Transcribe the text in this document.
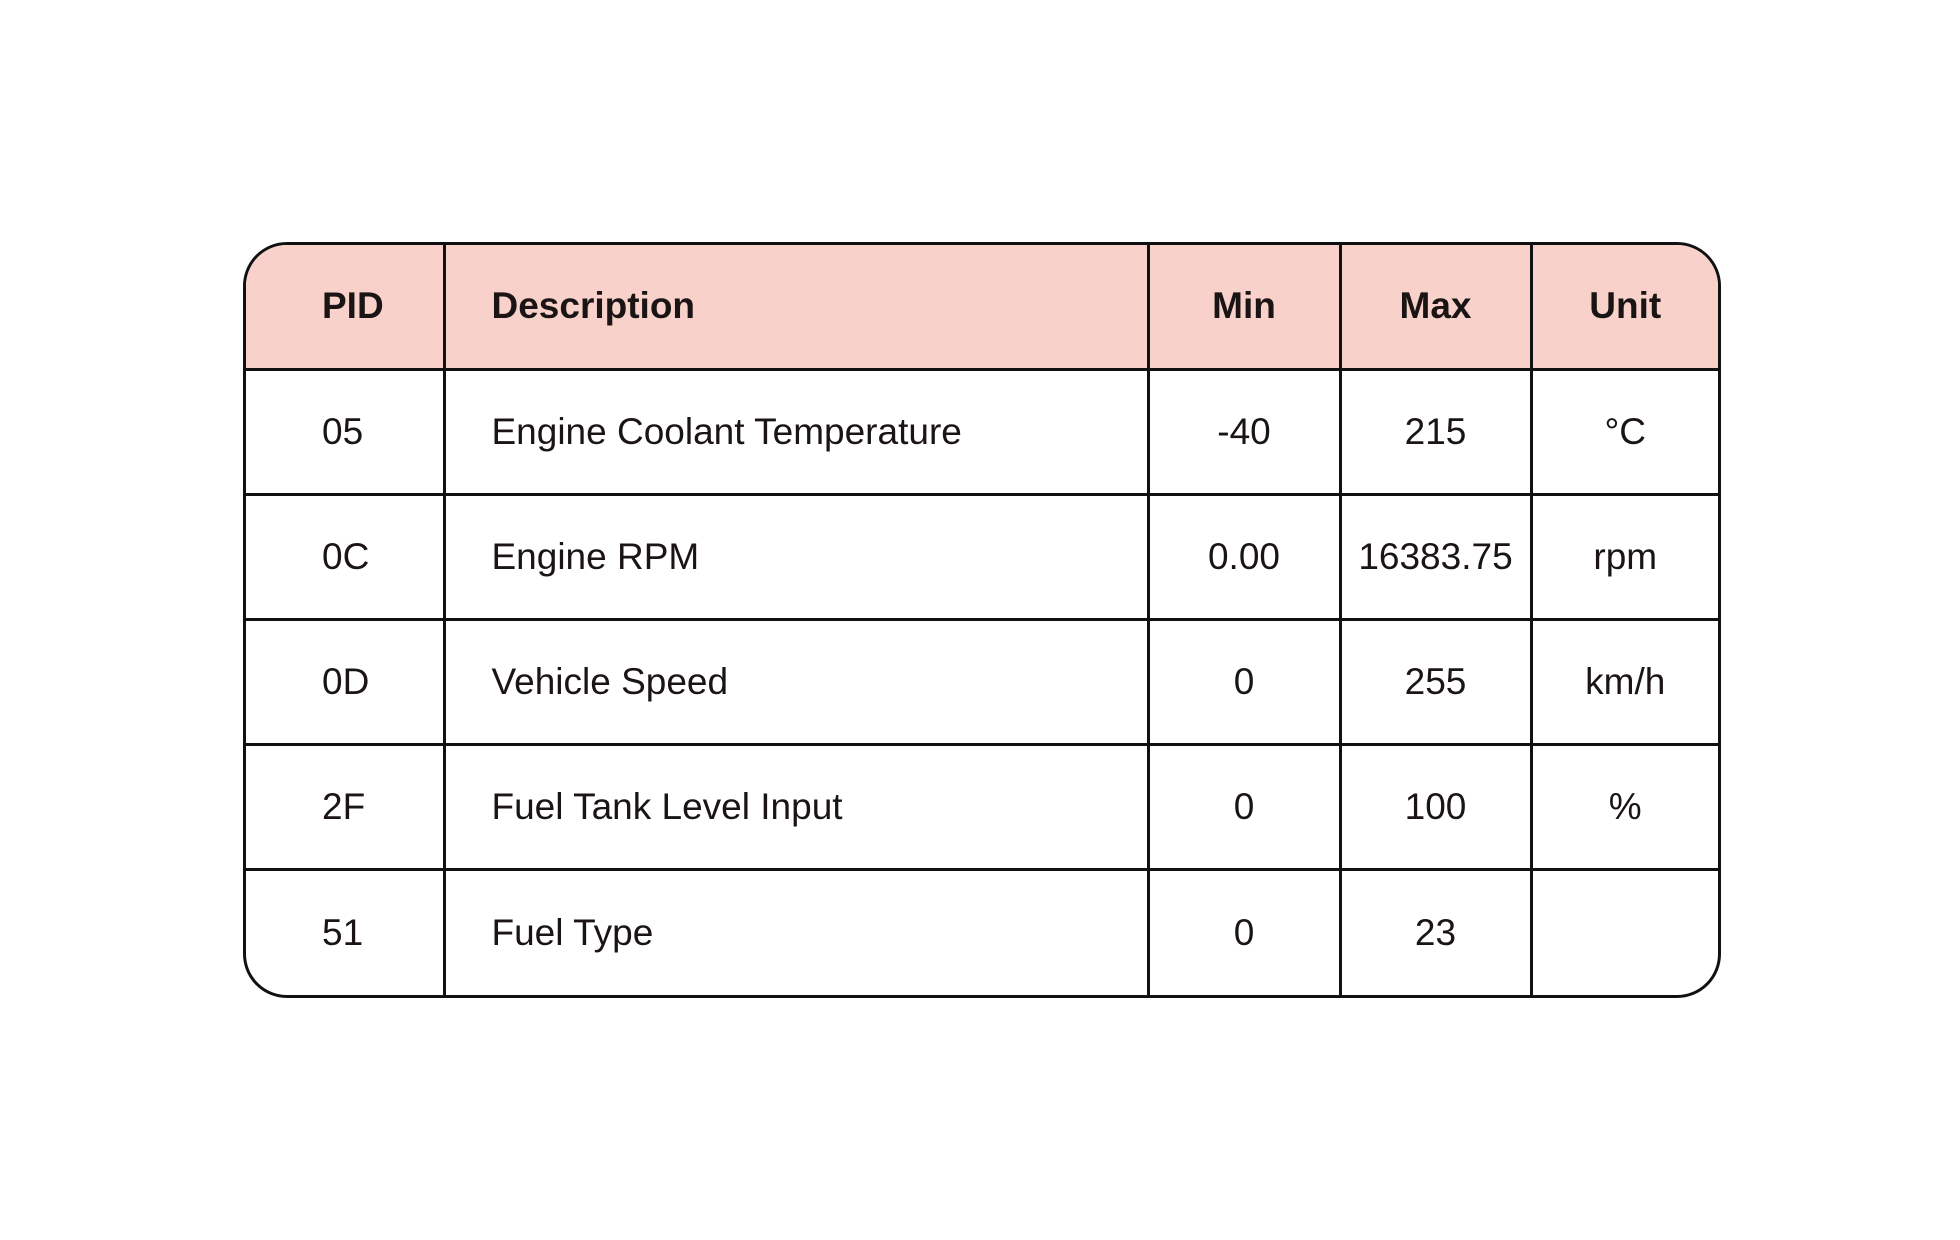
PID	Description	Min	Max	Unit
05	Engine Coolant Temperature	-40	215	°C
0C	Engine RPM	0.00	16383.75	rpm
0D	Vehicle Speed	0	255	km/h
2F	Fuel Tank Level Input	0	100	%
51	Fuel Type	0	23	
